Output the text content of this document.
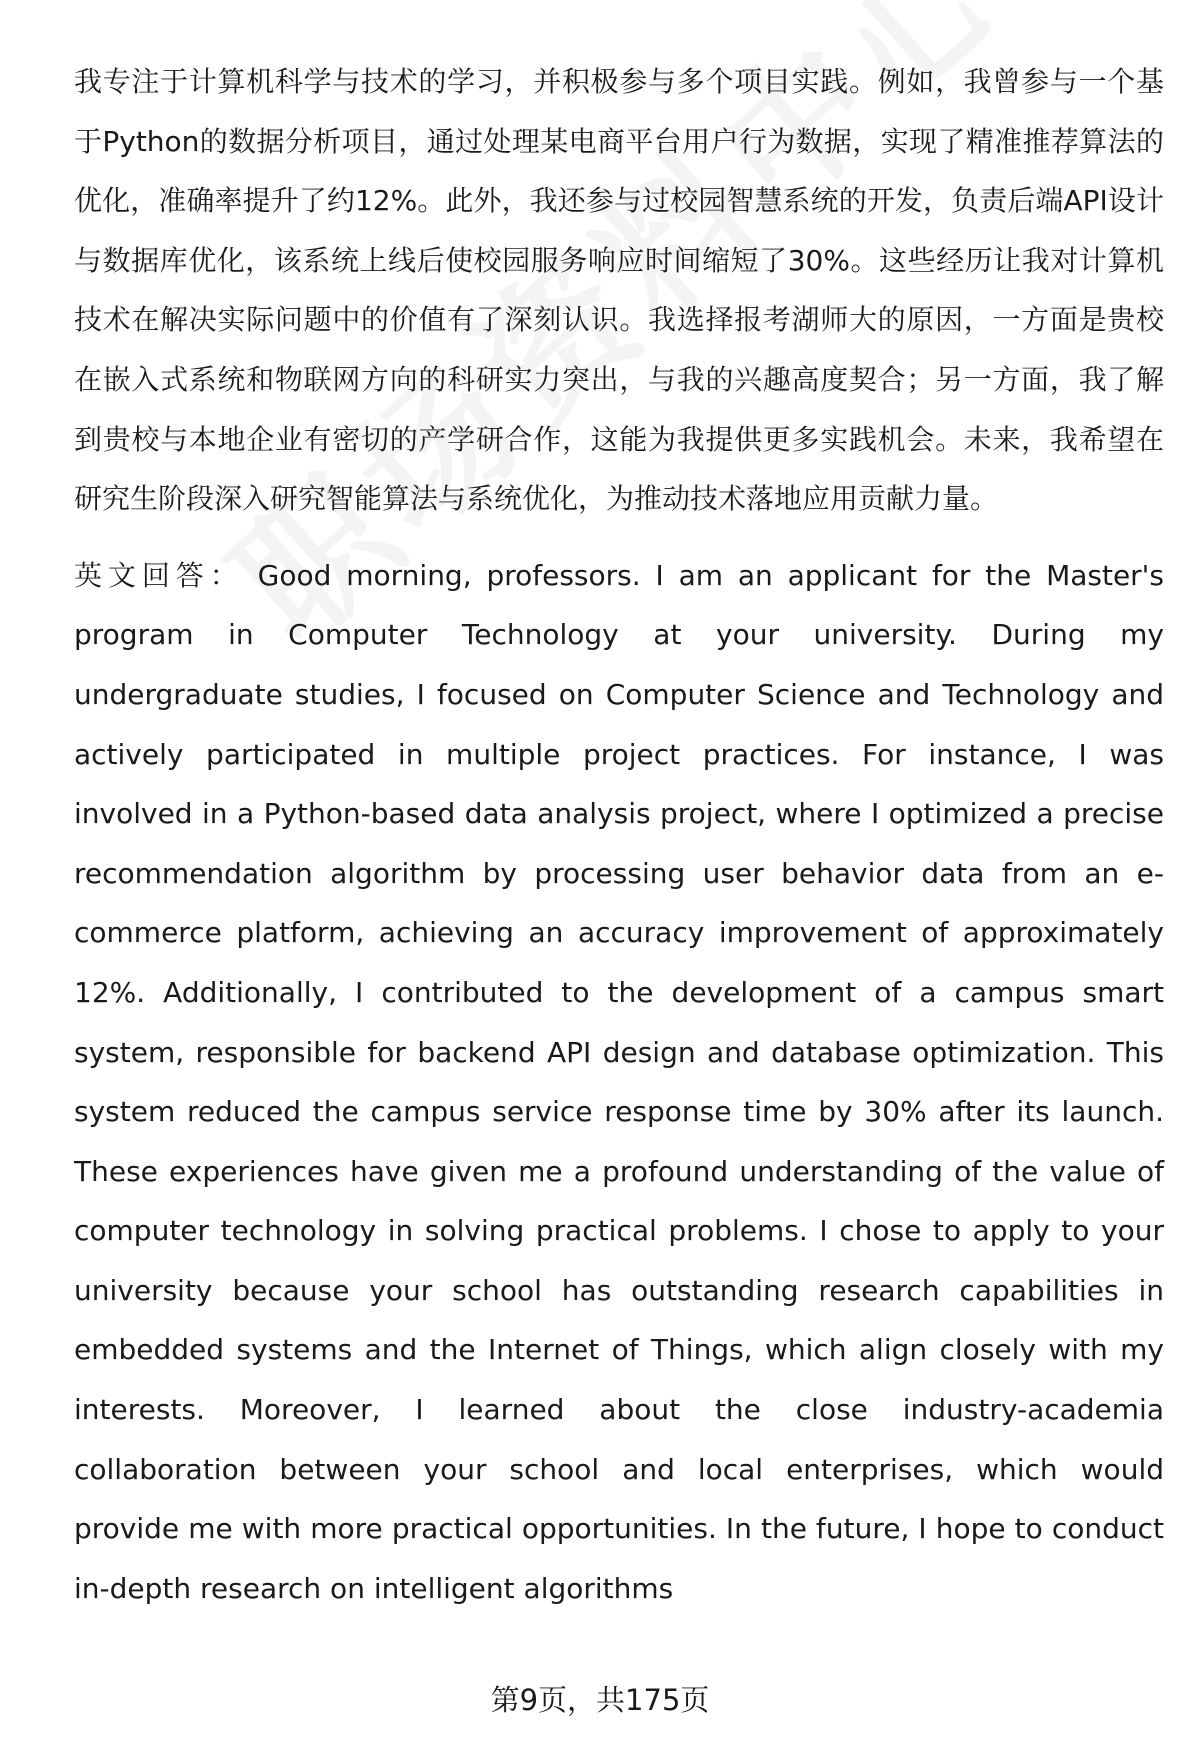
我专注于计算机科学与技术的学习，并积极参与多个项目实践。例如，我曾参与一个基于Python的数据分析项目，通过处理某电商平台用户行为数据，实现了精准推荐算法的优化，准确率提升了约12%。此外，我还参与过校园智慧系统的开发，负责后端API设计与数据库优化，该系统上线后使校园服务响应时间缩短了30%。这些经历让我对计算机技术在解决实际问题中的价值有了深刻认识。我选择报考湖师大的原因，一方面是贵校在嵌入式系统和物联网方向的科研实力突出，与我的兴趣高度契合；另一方面，我了解到贵校与本地企业有密切的产学研合作，这能为我提供更多实践机会。未来，我希望在研究生阶段深入研究智能算法与系统优化，为推动技术落地应用贡献力量。

英文回答： Good morning, professors. I am an applicant for the Master's program in Computer Technology at your university. During my undergraduate studies, I focused on Computer Science and Technology and actively participated in multiple project practices. For instance, I was involved in a Python-based data analysis project, where I optimized a precise recommendation algorithm by processing user behavior data from an e-commerce platform, achieving an accuracy improvement of approximately 12%. Additionally, I contributed to the development of a campus smart system, responsible for backend API design and database optimization. This system reduced the campus service response time by 30% after its launch. These experiences have given me a profound understanding of the value of computer technology in solving practical problems. I chose to apply to your university because your school has outstanding research capabilities in embedded systems and the Internet of Things, which align closely with my interests. Moreover, I learned about the close industry-academia collaboration between your school and local enterprises, which would provide me with more practical opportunities. In the future, I hope to conduct in-depth research on intelligent algorithms

第9页，共175页
